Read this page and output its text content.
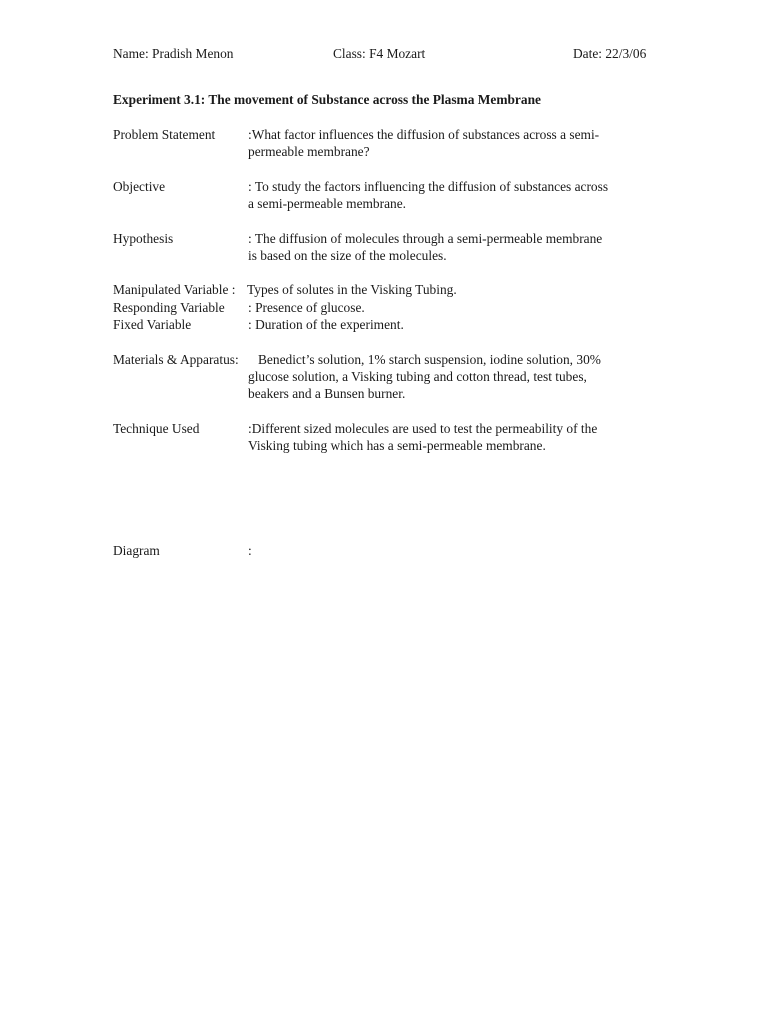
Name: Pradish Menon	Class: F4 Mozart	Date: 22/3/06
Experiment 3.1: The movement of Substance across the Plasma Membrane
Problem Statement :What factor influences the diffusion of substances across a semi-
permeable membrane?
Objective	: To study the factors influencing the diffusion of substances across
a semi-permeable membrane.
Hypothesis	: The diffusion of molecules through a semi-permeable membrane
is based on the size of the molecules.
Manipulated Variable : Types of solutes in the Visking Tubing.
Responding Variable : Presence of glucose.
Fixed Variable	: Duration of the experiment.
Materials & Apparatus: Benedict’s solution, 1% starch suspension, iodine solution, 30%
glucose solution, a Visking tubing and cotton thread, test tubes,
beakers and a Bunsen burner.
Technique Used	:Different sized molecules are used to test the permeability of the
Visking tubing which has a semi-permeable membrane.
Diagram	:
